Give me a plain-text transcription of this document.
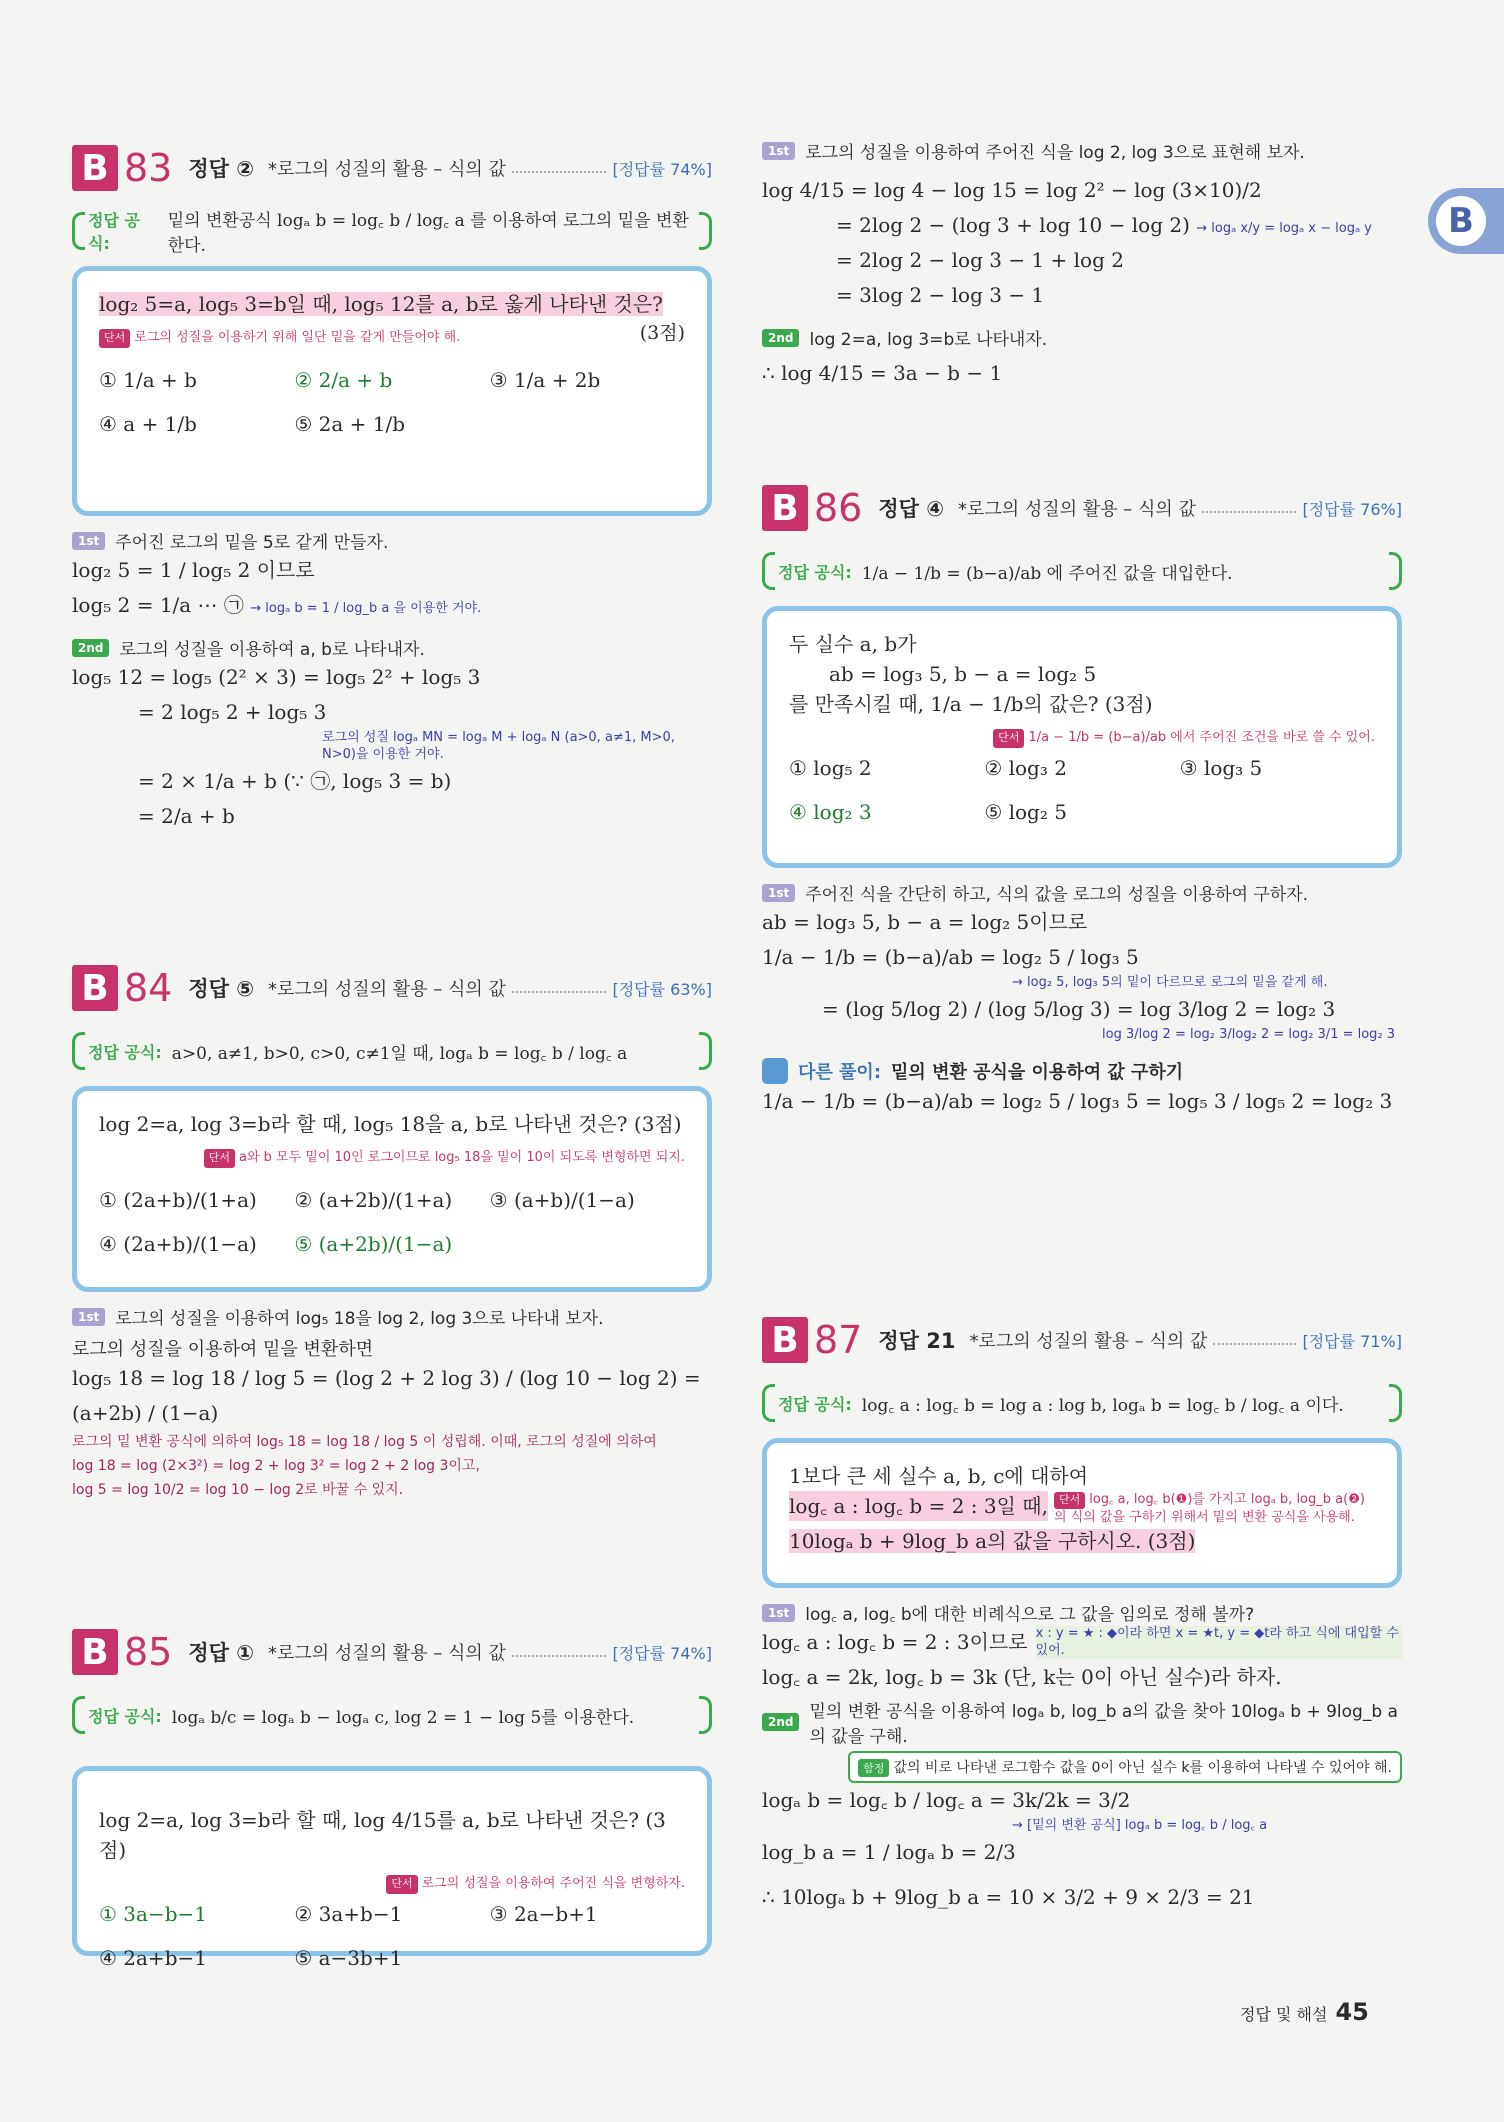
B
B 83 정답 ② *로그의 성질의 활용 – 식의 값	[정답률 74%]
정답 공식:
밑의 변환공식 logₐ b = log꜀ b / log꜀ a 를 이용하여 로그의 밑을 변환한다.
log₂ 5=a, log₅ 3=b일 때, log₅ 12를 a, b로 옳게 나타낸 것은?
단서 로그의 성질을 이용하기 위해 일단 밑을 같게 만들어야 해.	(3점)
① 1/a + b	② 2/a + b	③ 1/a + 2b
④ a + 1/b	⑤ 2a + 1/b
1st 주어진 로그의 밑을 5로 같게 만들자.
log₂ 5 = 1 / log₅ 2 이므로
log₅ 2 = 1/a ⋯ ㉠ → logₐ b = 1 / log_b a 을 이용한 거야.
2nd 로그의 성질을 이용하여 a, b로 나타내자.
log₅ 12 = log₅ (2² × 3) = log₅ 2² + log₅ 3
= 2 log₅ 2 + log₅ 3
로그의 성질 logₐ MN = logₐ M + logₐ N (a>0, a≠1, M>0, N>0)을 이용한 거야.
= 2 × 1/a + b (∵ ㉠, log₅ 3 = b)
= 2/a + b
B 84 정답 ⑤ *로그의 성질의 활용 – 식의 값	[정답률 63%]
정답 공식: a>0, a≠1, b>0, c>0, c≠1일 때, logₐ b = log꜀ b / log꜀ a
log 2=a, log 3=b라 할 때, log₅ 18을 a, b로 나타낸 것은? (3점)
단서 a와 b 모두 밑이 10인 로그이므로 log₅ 18을 밑이 10이 되도록 변형하면 되지.
① (2a+b)/(1+a)	② (a+2b)/(1+a)	③ (a+b)/(1−a)
④ (2a+b)/(1−a)	⑤ (a+2b)/(1−a)
1st 로그의 성질을 이용하여 log₅ 18을 log 2, log 3으로 나타내 보자.
로그의 성질을 이용하여 밑을 변환하면
log₅ 18 = log 18 / log 5 = (log 2 + 2 log 3) / (log 10 − log 2) = (a+2b) / (1−a)
로그의 밑 변환 공식에 의하여 log₅ 18 = log 18 / log 5 이 성립해. 이때, 로그의 성질에 의하여
log 18 = log (2×3²) = log 2 + log 3² = log 2 + 2 log 3이고,
log 5 = log 10/2 = log 10 − log 2로 바꿀 수 있지.
B 85 정답 ① *로그의 성질의 활용 – 식의 값	[정답률 74%]
정답 공식: logₐ b/c = logₐ b − logₐ c, log 2 = 1 − log 5를 이용한다.
log 2=a, log 3=b라 할 때, log 4/15를 a, b로 나타낸 것은? (3점)
단서 로그의 성질을 이용하여 주어진 식을 변형하자.
① 3a−b−1	② 3a+b−1	③ 2a−b+1
④ 2a+b−1	⑤ a−3b+1
1st 로그의 성질을 이용하여 주어진 식을 log 2, log 3으로 표현해 보자.
log 4/15 = log 4 − log 15 = log 2² − log (3×10)/2
= 2log 2 − (log 3 + log 10 − log 2) → logₐ x/y = logₐ x − logₐ y
= 2log 2 − log 3 − 1 + log 2
= 3log 2 − log 3 − 1
2nd log 2=a, log 3=b로 나타내자.
∴ log 4/15 = 3a − b − 1
B 86 정답 ④ *로그의 성질의 활용 – 식의 값	[정답률 76%]
정답 공식: 1/a − 1/b = (b−a)/ab 에 주어진 값을 대입한다.
두 실수 a, b가
ab = log₃ 5, b − a = log₂ 5
를 만족시킬 때, 1/a − 1/b의 값은? (3점)
단서 1/a − 1/b = (b−a)/ab 에서 주어진 조건을 바로 쓸 수 있어.
① log₅ 2	② log₃ 2	③ log₃ 5
④ log₂ 3	⑤ log₂ 5
1st 주어진 식을 간단히 하고, 식의 값을 로그의 성질을 이용하여 구하자.
ab = log₃ 5, b − a = log₂ 5이므로
1/a − 1/b = (b−a)/ab = log₂ 5 / log₃ 5
→ log₂ 5, log₃ 5의 밑이 다르므로 로그의 밑을 같게 해.
= (log 5/log 2) / (log 5/log 3) = log 3/log 2 = log₂ 3
log 3/log 2 = log₂ 3/log₂ 2 = log₂ 3/1 = log₂ 3
다른 풀이: 밑의 변환 공식을 이용하여 값 구하기
1/a − 1/b = (b−a)/ab = log₂ 5 / log₃ 5 = log₅ 3 / log₅ 2 = log₂ 3
B 87 정답 21 *로그의 성질의 활용 – 식의 값	[정답률 71%]
정답 공식: log꜀ a : log꜀ b = log a : log b, logₐ b = log꜀ b / log꜀ a 이다.
1보다 큰 세 실수 a, b, c에 대하여
log꜀ a : log꜀ b = 2 : 3일 때,	단서 log꜀ a, log꜀ b(❶)를 가지고 logₐ b, log_b a(❷)의 식의 값을 구하기 위해서 밑의 변환 공식을 사용해.
10logₐ b + 9log_b a의 값을 구하시오. (3점)
1st log꜀ a, log꜀ b에 대한 비례식으로 그 값을 임의로 정해 볼까?
log꜀ a : log꜀ b = 2 : 3이므로 x : y = ★ : ◆이라 하면 x = ★t, y = ◆t라 하고 식에 대입할 수 있어.
log꜀ a = 2k, log꜀ b = 3k (단, k는 0이 아닌 실수)라 하자.
2nd 밑의 변환 공식을 이용하여 logₐ b, log_b a의 값을 찾아 10logₐ b + 9log_b a의 값을 구해.
함정 값의 비로 나타낸 로그함수 값을 0이 아닌 실수 k를 이용하여 나타낼 수 있어야 해.
logₐ b = log꜀ b / log꜀ a = 3k/2k = 3/2
→ [밑의 변환 공식] logₐ b = log꜀ b / log꜀ a
log_b a = 1 / logₐ b = 2/3
∴ 10logₐ b + 9log_b a = 10 × 3/2 + 9 × 2/3 = 21
정답 및 해설 45
